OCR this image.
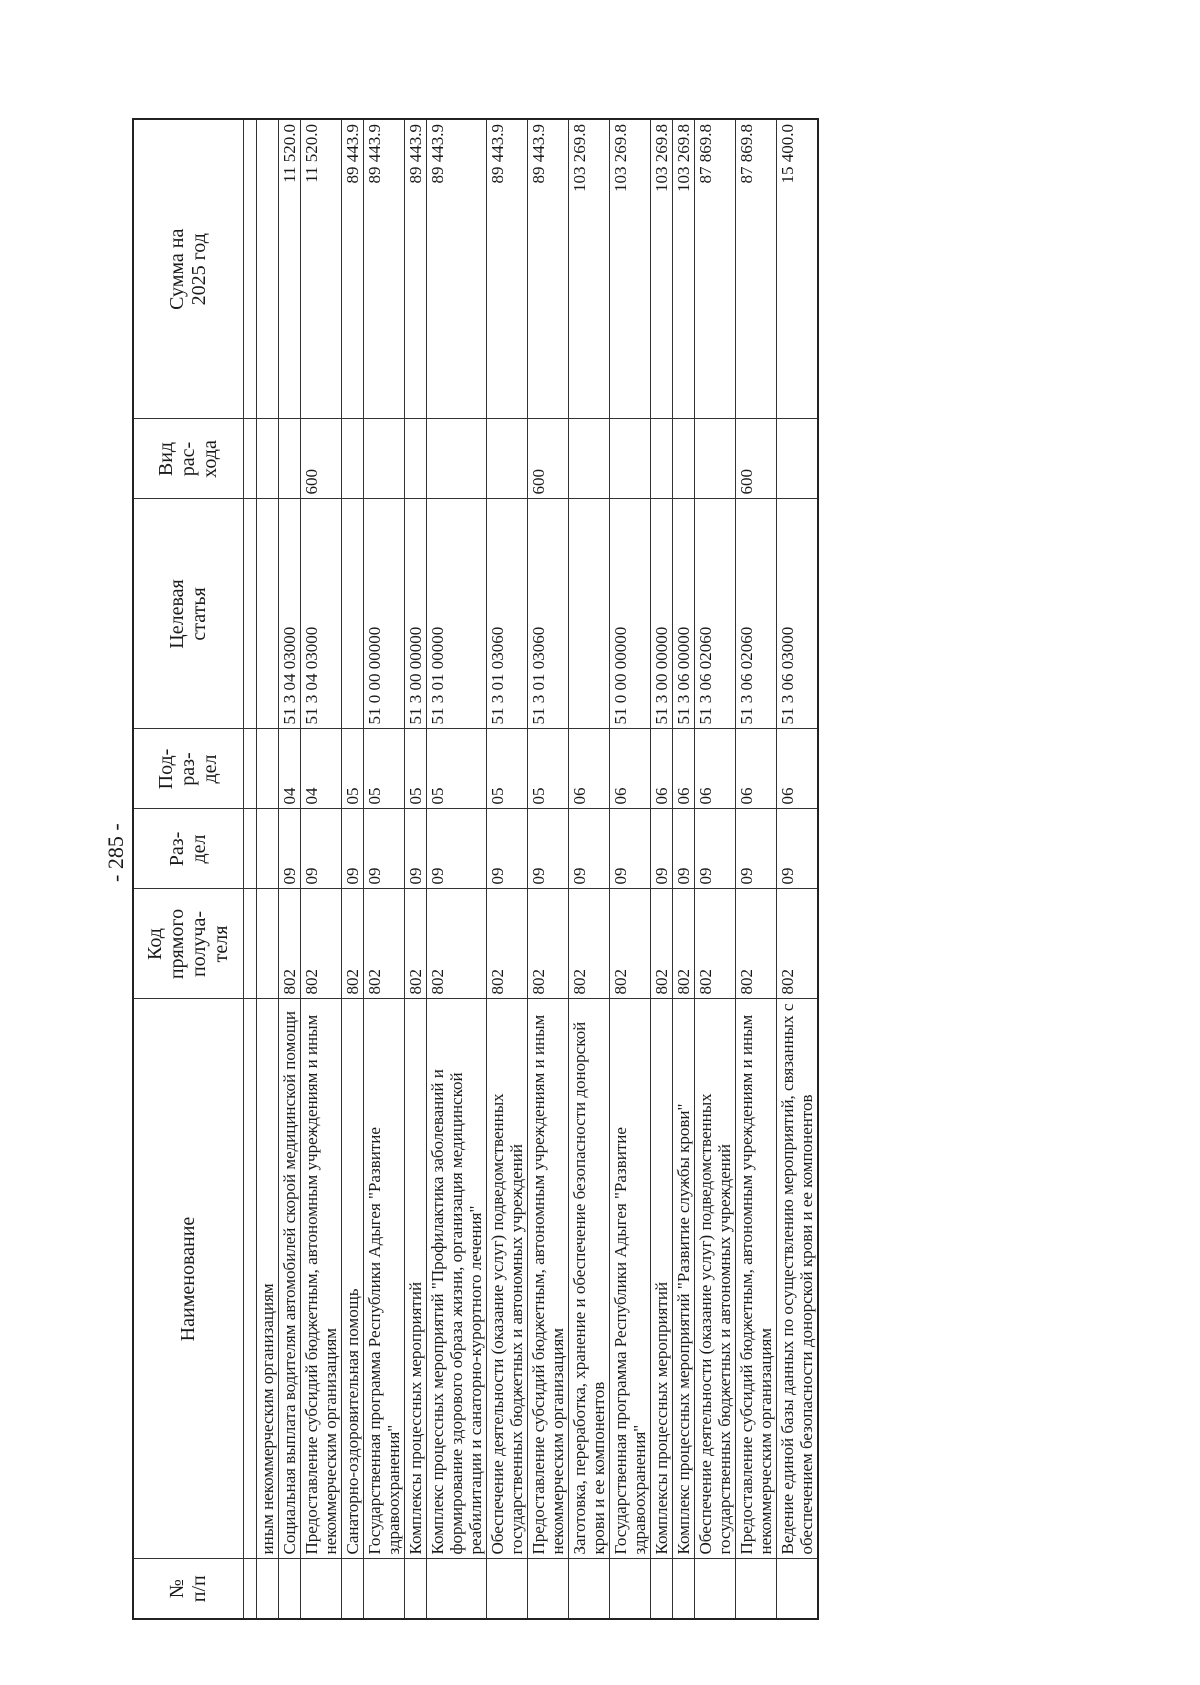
- 285 -
№
п/п	Наименование	Код
прямого
получа-
теля	Раз-
дел	Под-
раз-
дел	Целевая
статья	Вид
рас-
хода	Сумма на
2025 год

	иным некоммерческим организациям						
	Социальная выплата водителям автомобилей скорой медицинской помощи	802	09	04	51 3 04 03000		11 520.0
	Предоставление субсидий бюджетным, автономным учреждениям и иным некоммерческим организациям	802	09	04	51 3 04 03000	600	11 520.0
	Санаторно-оздоровительная помощь	802	09	05			89 443.9
	Государственная программа Республики Адыгея "Развитие здравоохранения"	802	09	05	51 0 00 00000		89 443.9
	Комплексы процессных мероприятий	802	09	05	51 3 00 00000		89 443.9
	Комплекс процессных мероприятий "Профилактика заболеваний и формирование здорового образа жизни, организация медицинской реабилитации и санаторно-курортного лечения"	802	09	05	51 3 01 00000		89 443.9
	Обеспечение деятельности (оказание услуг) подведомственных государственных бюджетных и автономных учреждений	802	09	05	51 3 01 03060		89 443.9
	Предоставление субсидий бюджетным, автономным учреждениям и иным некоммерческим организациям	802	09	05	51 3 01 03060	600	89 443.9
	Заготовка, переработка, хранение и обеспечение безопасности донорской крови и ее компонентов	802	09	06			103 269.8
	Государственная программа Республики Адыгея "Развитие здравоохранения"	802	09	06	51 0 00 00000		103 269.8
	Комплексы процессных мероприятий	802	09	06	51 3 00 00000		103 269.8
	Комплекс процессных мероприятий "Развитие службы крови"	802	09	06	51 3 06 00000		103 269.8
	Обеспечение деятельности (оказание услуг) подведомственных государственных бюджетных и автономных учреждений	802	09	06	51 3 06 02060		87 869.8
	Предоставление субсидий бюджетным, автономным учреждениям и иным некоммерческим организациям	802	09	06	51 3 06 02060	600	87 869.8
	Ведение единой базы данных по осуществлению мероприятий, связанных с обеспечением безопасности донорской крови и ее компонентов	802	09	06	51 3 06 03000		15 400.0
